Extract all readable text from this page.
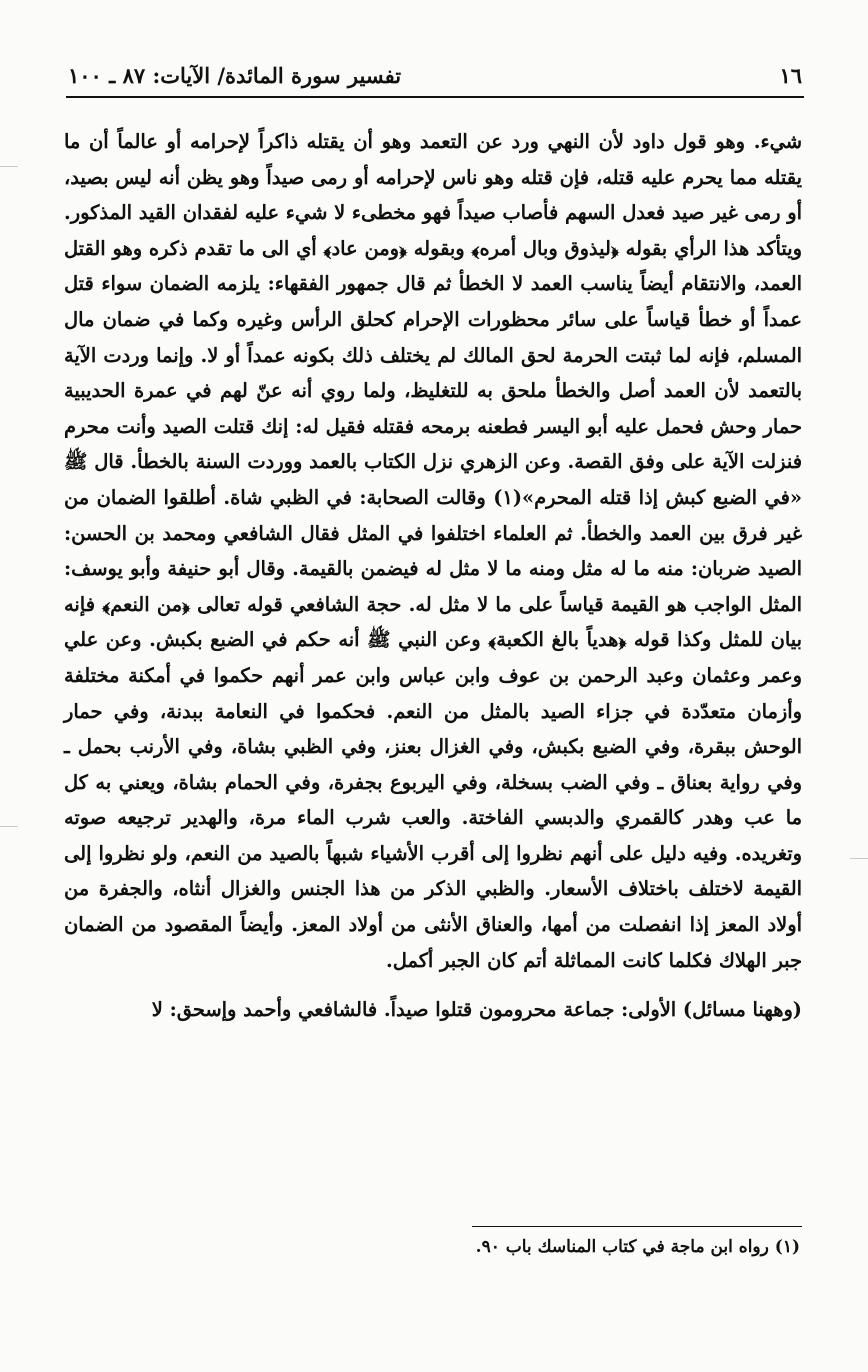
١٦
تفسير سورة المائدة/ الآيات: ٨٧ ـ ١٠٠

شيء. وهو قول داود لأن النهي ورد عن التعمد وهو أن يقتله ذاكراً لإحرامه أو عالماً أن ما يقتله مما يحرم عليه قتله، فإن قتله وهو ناس لإحرامه أو رمى صيداً وهو يظن أنه ليس بصيد، أو رمى غير صيد فعدل السهم فأصاب صيداً فهو مخطىء لا شيء عليه لفقدان القيد المذكور. ويتأكد هذا الرأي بقوله ﴿ليذوق وبال أمره﴾ وبقوله ﴿ومن عاد﴾ أي الى ما تقدم ذكره وهو القتل العمد، والانتقام أيضاً يناسب العمد لا الخطأ ثم قال جمهور الفقهاء: يلزمه الضمان سواء قتل عمداً أو خطأ قياساً على سائر محظورات الإحرام كحلق الرأس وغيره وكما في ضمان مال المسلم، فإنه لما ثبتت الحرمة لحق المالك لم يختلف ذلك بكونه عمداً أو لا. وإنما وردت الآية بالتعمد لأن العمد أصل والخطأ ملحق به للتغليظ، ولما روي أنه عنّ لهم في عمرة الحديبية حمار وحش فحمل عليه أبو اليسر فطعنه برمحه فقتله فقيل له: إنك قتلت الصيد وأنت محرم فنزلت الآية على وفق القصة. وعن الزهري نزل الكتاب بالعمد ووردت السنة بالخطأ. قال ﷺ «في الضبع كبش إذا قتله المحرم»(١) وقالت الصحابة: في الظبي شاة. أطلقوا الضمان من غير فرق بين العمد والخطأ. ثم العلماء اختلفوا في المثل فقال الشافعي ومحمد بن الحسن: الصيد ضربان: منه ما له مثل ومنه ما لا مثل له فيضمن بالقيمة. وقال أبو حنيفة وأبو يوسف: المثل الواجب هو القيمة قياساً على ما لا مثل له. حجة الشافعي قوله تعالى ﴿من النعم﴾ فإنه بيان للمثل وكذا قوله ﴿هدياً بالغ الكعبة﴾ وعن النبي ﷺ أنه حكم في الضبع بكبش. وعن علي وعمر وعثمان وعبد الرحمن بن عوف وابن عباس وابن عمر أنهم حكموا في أمكنة مختلفة وأزمان متعدّدة في جزاء الصيد بالمثل من النعم. فحكموا في النعامة ببدنة، وفي حمار الوحش ببقرة، وفي الضبع بكبش، وفي الغزال بعنز، وفي الظبي بشاة، وفي الأرنب بحمل ـ وفي رواية بعناق ـ وفي الضب بسخلة، وفي اليربوع بجفرة، وفي الحمام بشاة، ويعني به كل ما عب وهدر كالقمري والدبسي الفاختة. والعب شرب الماء مرة، والهدير ترجيعه صوته وتغريده. وفيه دليل على أنهم نظروا إلى أقرب الأشياء شبهاً بالصيد من النعم، ولو نظروا إلى القيمة لاختلف باختلاف الأسعار. والظبي الذكر من هذا الجنس والغزال أنثاه، والجفرة من أولاد المعز إذا انفصلت من أمها، والعناق الأنثى من أولاد المعز. وأيضاً المقصود من الضمان جبر الهلاك فكلما كانت المماثلة أتم كان الجبر أكمل.

(وههنا مسائل) الأولى: جماعة محرومون قتلوا صيداً. فالشافعي وأحمد وإسحق: لا

(١) رواه ابن ماجة في كتاب المناسك باب ٩٠.
